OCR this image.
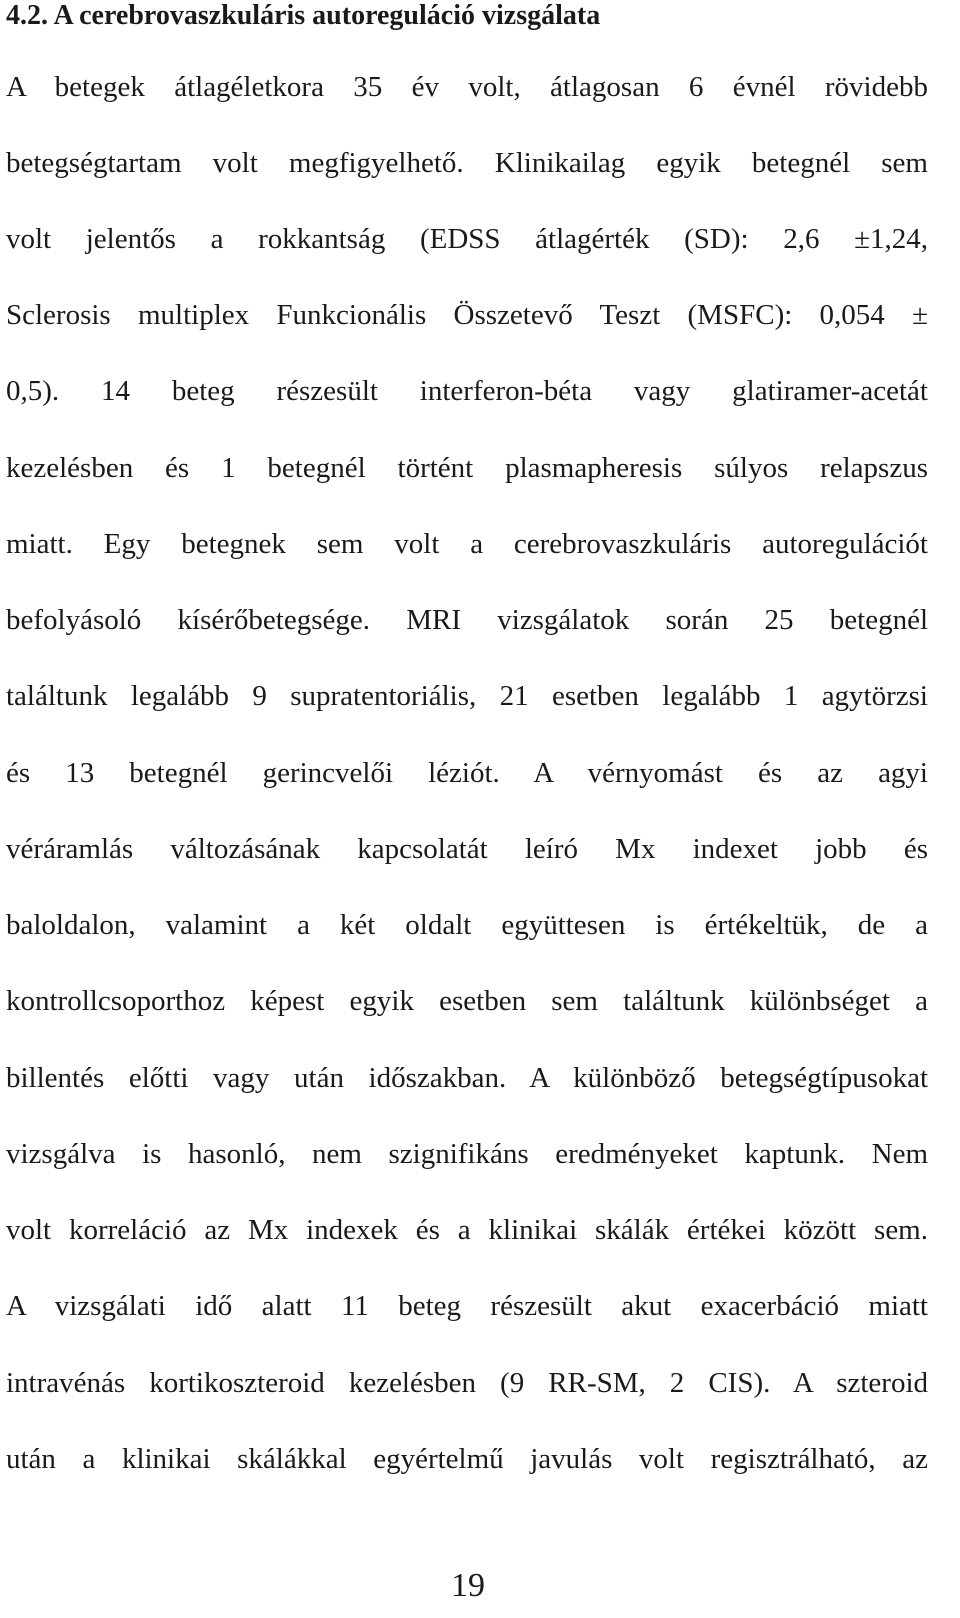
4.2. A cerebrovaszkuláris autoreguláció vizsgálata

A betegek átlagéletkora 35 év volt, átlagosan 6 évnél rövidebb

betegségtartam volt megfigyelhető. Klinikailag egyik betegnél sem

volt jelentős a rokkantság (EDSS átlagérték (SD): 2,6 ±1,24,

Sclerosis multiplex Funkcionális Összetevő Teszt (MSFC): 0,054 ±

0,5). 14 beteg részesült interferon-béta vagy glatiramer-acetát

kezelésben és 1 betegnél történt plasmapheresis súlyos relapszus

miatt. Egy betegnek sem volt a cerebrovaszkuláris autoregulációt

befolyásoló kísérőbetegsége. MRI vizsgálatok során 25 betegnél

találtunk legalább 9 supratentoriális, 21 esetben legalább 1 agytörzsi

és 13 betegnél gerincvelői léziót. A vérnyomást és az agyi

véráramlás változásának kapcsolatát leíró Mx indexet jobb és

baloldalon, valamint a két oldalt együttesen is értékeltük, de a

kontrollcsoporthoz képest egyik esetben sem találtunk különbséget a

billentés előtti vagy után időszakban. A különböző betegségtípusokat

vizsgálva is hasonló, nem szignifikáns eredményeket kaptunk. Nem

volt korreláció az Mx indexek és a klinikai skálák értékei között sem.

A vizsgálati idő alatt 11 beteg részesült akut exacerbáció miatt

intravénás kortikoszteroid kezelésben (9 RR-SM, 2 CIS). A szteroid

után a klinikai skálákkal egyértelmű javulás volt regisztrálható, az

19
